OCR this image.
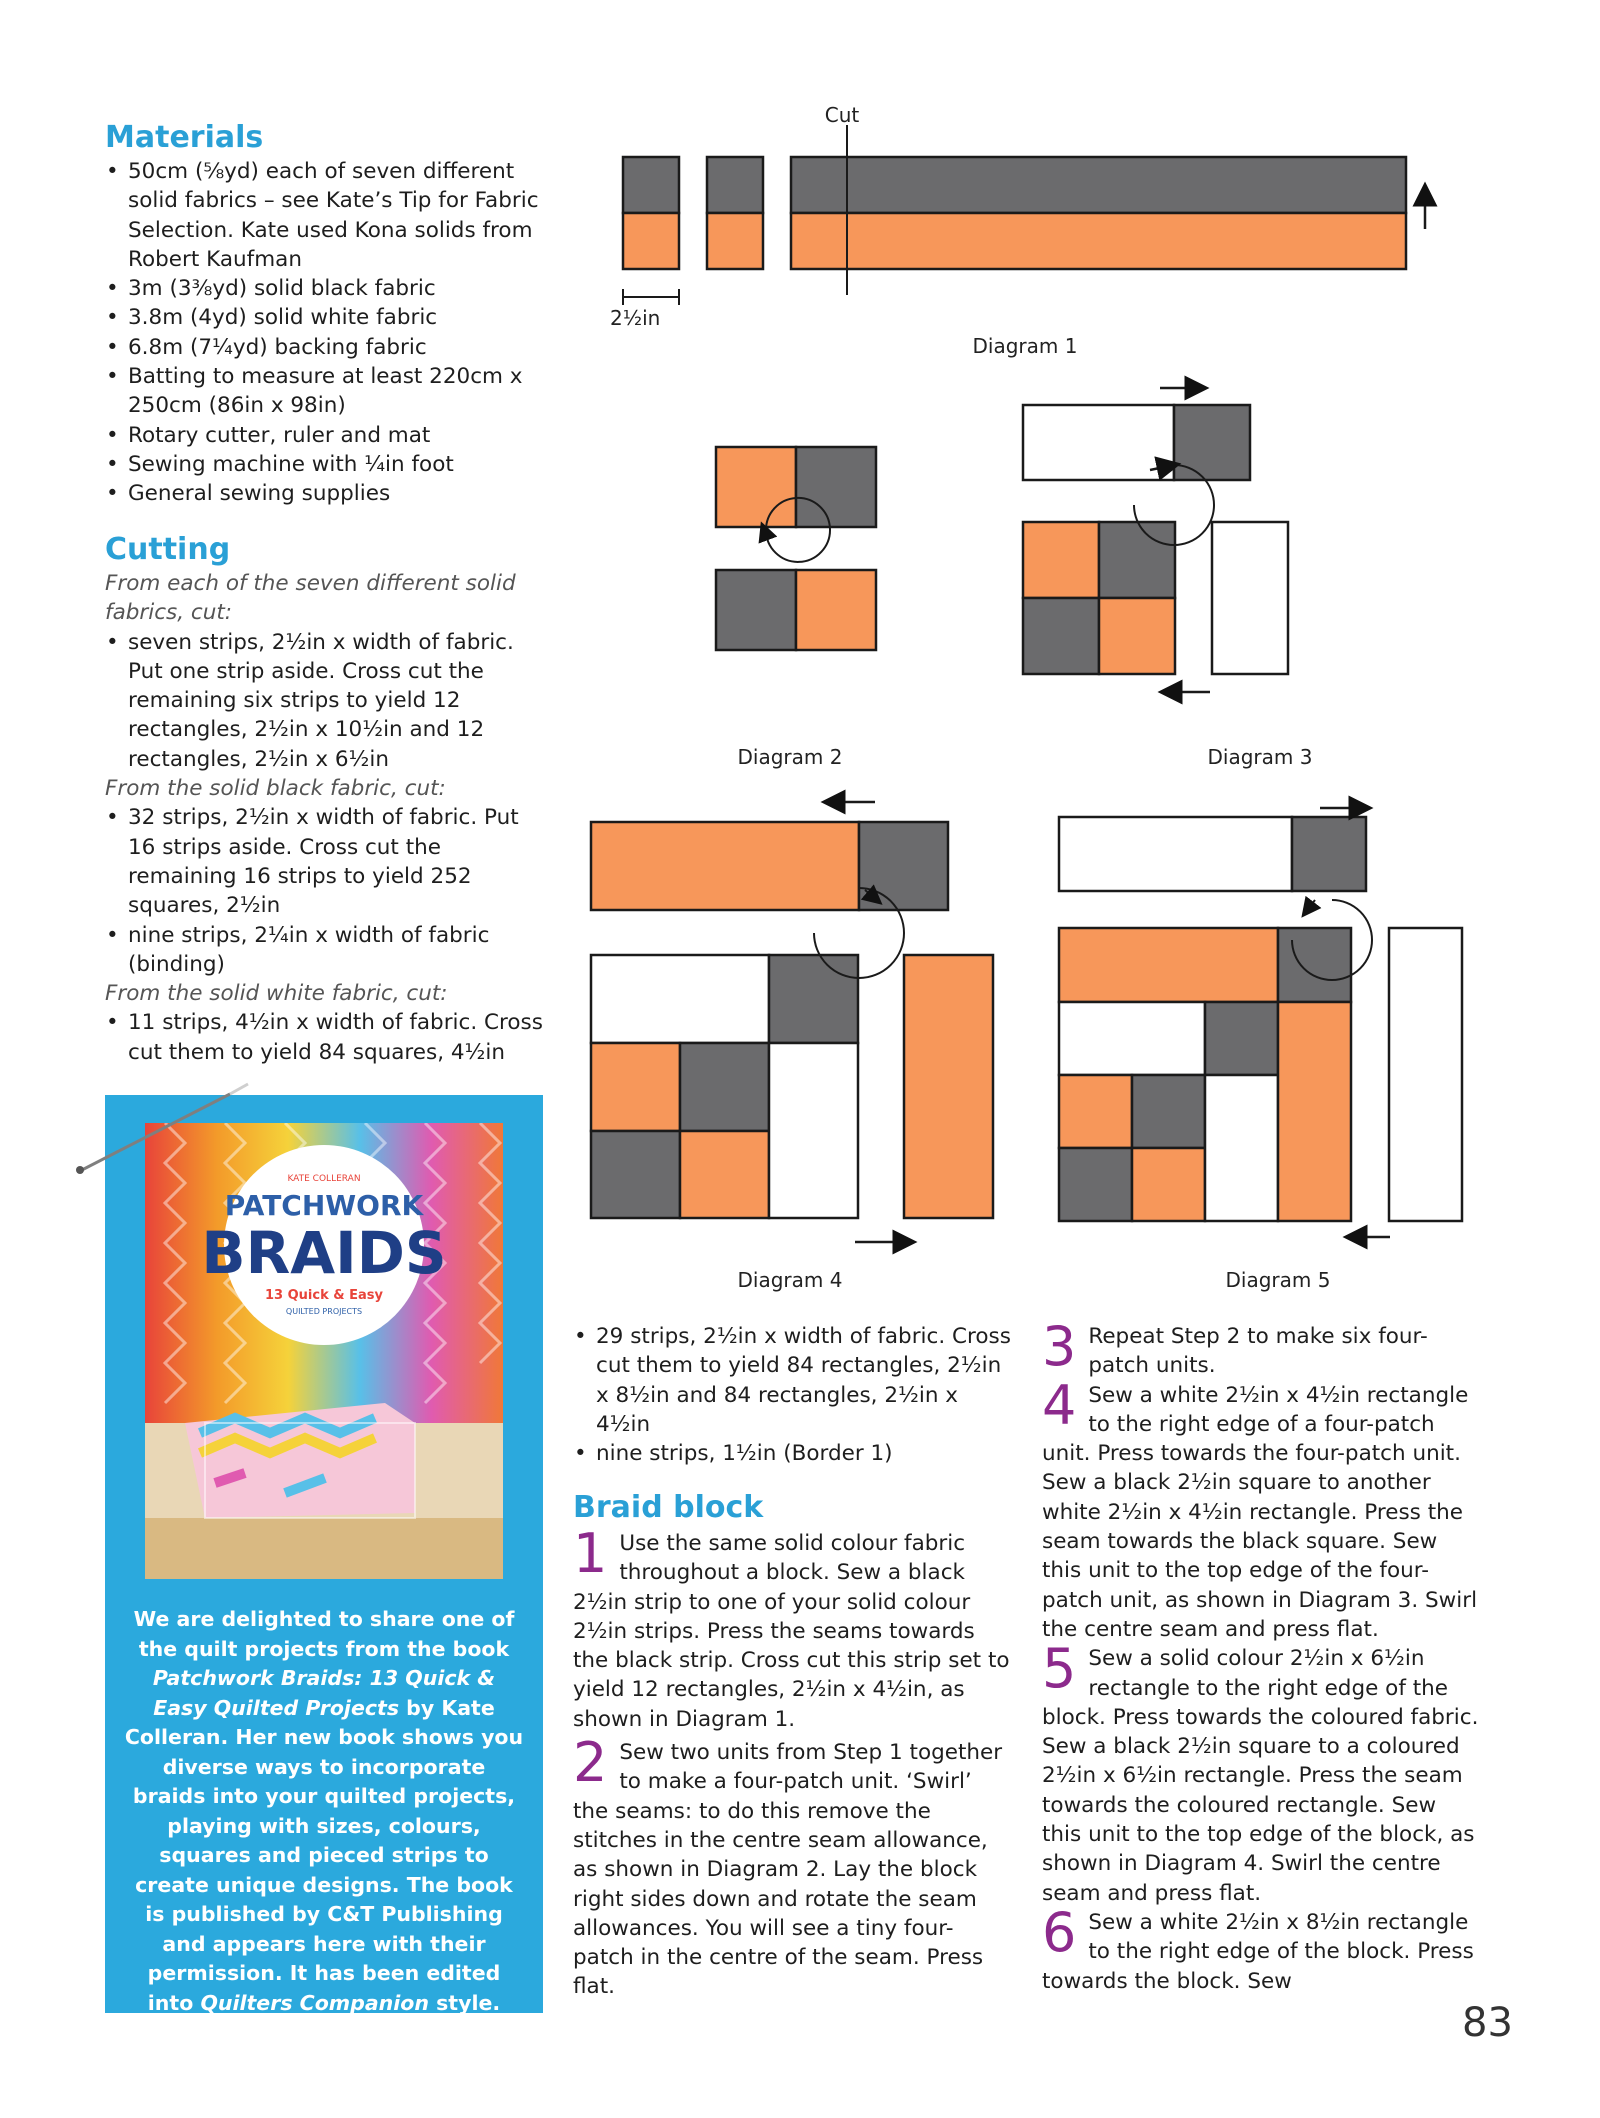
Materials
• 50cm (⅝yd) each of seven different solid fabrics – see Kate’s Tip for Fabric Selection. Kate used Kona solids from Robert Kaufman
• 3m (3⅜yd) solid black fabric
• 3.8m (4yd) solid white fabric
• 6.8m (7¼yd) backing fabric
• Batting to measure at least 220cm x 250cm (86in x 98in)
• Rotary cutter, ruler and mat
• Sewing machine with ¼in foot
• General sewing supplies
Cutting
From each of the seven different solid fabrics, cut:
• seven strips, 2½in x width of fabric. Put one strip aside. Cross cut the remaining six strips to yield 12 rectangles, 2½in x 10½in and 12 rectangles, 2½in x 6½in
From the solid black fabric, cut:
• 32 strips, 2½in x width of fabric. Put 16 strips aside. Cross cut the remaining 16 strips to yield 252 squares, 2½in
• nine strips, 2¼in x width of fabric (binding)
From the solid white fabric, cut:
• 11 strips, 4½in x width of fabric. Cross cut them to yield 84 squares, 4½in
KATE COLLERAN
PATCHWORK
BRAIDS
13 Quick & Easy
QUILTED PROJECTS
We are delighted to share one of the quilt projects from the book Patchwork Braids: 13 Quick & Easy Quilted Projects by Kate Colleran. Her new book shows you diverse ways to incorporate braids into your quilted projects, playing with sizes, colours, squares and pieced strips to create unique designs. The book is published by C&T Publishing and appears here with their permission. It has been edited into Quilters Companion style.
Cut
2½in
Diagram 1
Diagram 2	Diagram 3
Diagram 4	Diagram 5
• 29 strips, 2½in x width of fabric. Cross cut them to yield 84 rectangles, 2½in x 8½in and 84 rectangles, 2½in x 4½in
• nine strips, 1½in (Border 1)
Braid block
1 Use the same solid colour fabric throughout a block. Sew a black 2½in strip to one of your solid colour 2½in strips. Press the seams towards the black strip. Cross cut this strip set to yield 12 rectangles, 2½in x 4½in, as shown in Diagram 1.
2 Sew two units from Step 1 together to make a four-patch unit. ‘Swirl’ the seams: to do this remove the stitches in the centre seam allowance, as shown in Diagram 2. Lay the block right sides down and rotate the seam allowances. You will see a tiny four-patch in the centre of the seam. Press flat.
3 Repeat Step 2 to make six four-patch units.
4 Sew a white 2½in x 4½in rectangle to the right edge of a four-patch unit. Press towards the four-patch unit. Sew a black 2½in square to another white 2½in x 4½in rectangle. Press the seam towards the black square. Sew this unit to the top edge of the four-patch unit, as shown in Diagram 3. Swirl the centre seam and press flat.
5 Sew a solid colour 2½in x 6½in rectangle to the right edge of the block. Press towards the coloured fabric. Sew a black 2½in square to a coloured 2½in x 6½in rectangle. Press the seam towards the coloured rectangle. Sew this unit to the top edge of the block, as shown in Diagram 4. Swirl the centre seam and press flat.
6 Sew a white 2½in x 8½in rectangle to the right edge of the block. Press towards the block. Sew
83
